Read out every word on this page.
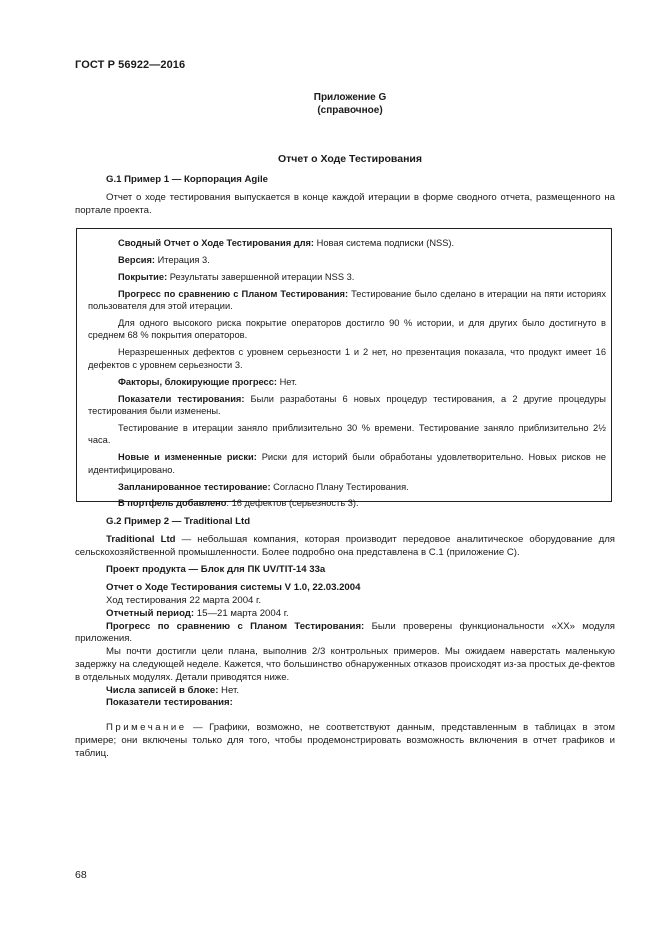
ГОСТ Р 56922—2016
Приложение G
(справочное)
Отчет о Ходе Тестирования

G.1 Пример 1 — Корпорация Agile

Отчет о ходе тестирования выпускается в конце каждой итерации в форме сводного отчета, размещенного на портале проекта.

Сводный Отчет о Ходе Тестирования для: Новая система подписки (NSS).

Версия: Итерация 3.

Покрытие: Результаты завершенной итерации NSS 3.

Прогресс по сравнению с Планом Тестирования: Тестирование было сделано в итерации на пяти историях пользователя для этой итерации.

Для одного высокого риска покрытие операторов достигло 90 % истории, и для других было достигнуто в среднем 68 % покрытия операторов.

Неразрешенных дефектов с уровнем серьезности 1 и 2 нет, но презентация показала, что продукт имеет 16 дефектов с уровнем серьезности 3.

Факторы, блокирующие прогресс: Нет.

Показатели тестирования: Были разработаны 6 новых процедур тестирования, а 2 другие процедуры тестирования были изменены.

Тестирование в итерации заняло приблизительно 30 % времени. Тестирование заняло приблизительно 2½ часа.

Новые и измененные риски: Риски для историй были обработаны удовлетворительно. Новых рисков не идентифицировано.

Запланированное тестирование: Согласно Плану Тестирования.

В портфель добавлено: 16 дефектов (серьезность 3).

G.2 Пример 2 — Traditional Ltd

Traditional Ltd — небольшая компания, которая производит передовое аналитическое оборудование для сельскохозяйственной промышленности. Более подробно она представлена в С.1 (приложение С).

Проект продукта — Блок для ПК UV/TIT-14 33a

Отчет о Ходе Тестирования системы V 1.0, 22.03.2004

Ход тестирования 22 марта 2004 г.

Отчетный период: 15—21 марта 2004 г.

Прогресс по сравнению с Планом Тестирования: Были проверены функциональности «XX» модуля приложения.

Мы почти достигли цели плана, выполнив 2/3 контрольных примеров. Мы ожидаем наверстать маленькую задержку на следующей неделе. Кажется, что большинство обнаруженных отказов происходят из-за простых де-фектов в отдельных модулях. Детали приводятся ниже.

Числа записей в блоке: Нет.

Показатели тестирования:

Примечание — Графики, возможно, не соответствуют данным, представленным в таблицах в этом примере; они включены только для того, чтобы продемонстрировать возможность включения в отчет графиков и таблиц.

68
